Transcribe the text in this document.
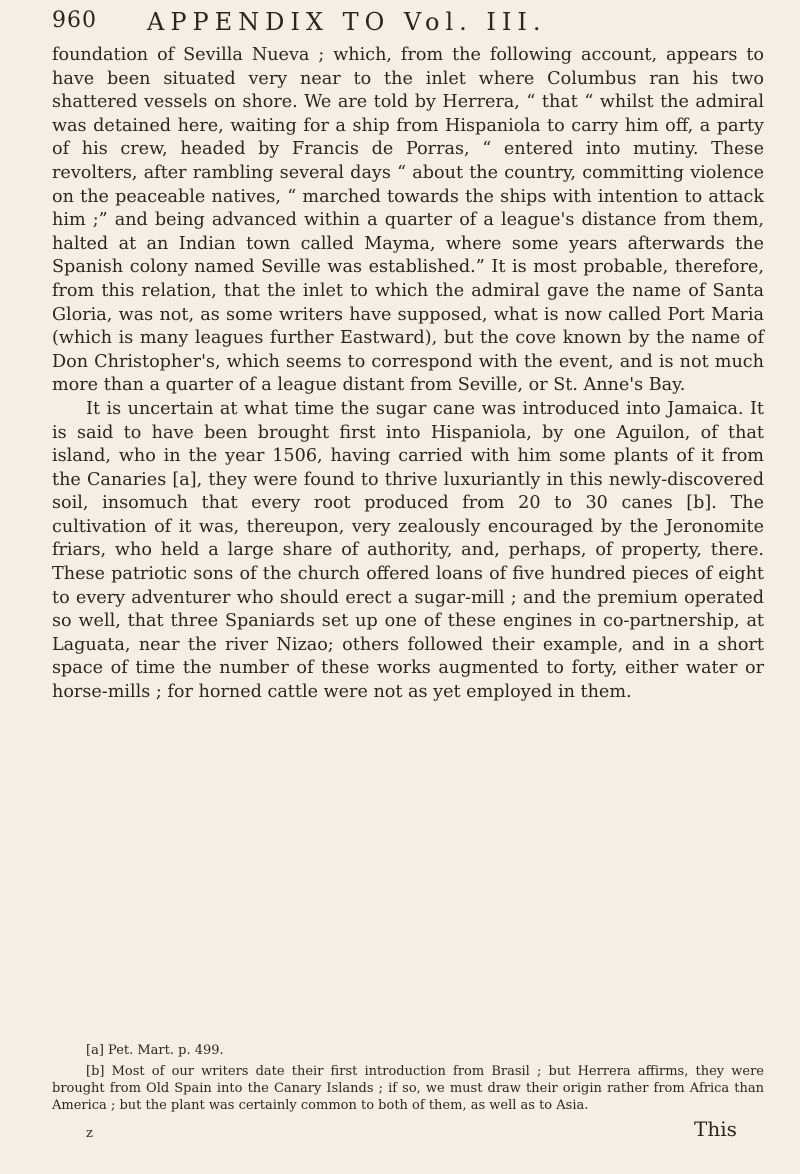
960 APPENDIX TO Vol. III.

foundation of Sevilla Nueva ; which, from the following account, appears to have been situated very near to the inlet where Columbus ran his two shattered vessels on shore. We are told by Herrera, “ that “ whilst the admiral was detained here, waiting for a ship from Hispaniola to carry him off, a party of his crew, headed by Francis de Porras, “ entered into mutiny. These revolters, after rambling several days “ about the country, committing violence on the peaceable natives, “ marched towards the ships with intention to attack him ;” and being advanced within a quarter of a league's distance from them, halted at an Indian town called Mayma, where some years afterwards the Spanish colony named Seville was established.” It is most probable, therefore, from this relation, that the inlet to which the admiral gave the name of Santa Gloria, was not, as some writers have supposed, what is now called Port Maria (which is many leagues further Eastward), but the cove known by the name of Don Christopher's, which seems to correspond with the event, and is not much more than a quarter of a league distant from Seville, or St. Anne's Bay.

It is uncertain at what time the sugar cane was introduced into Jamaica. It is said to have been brought first into Hispaniola, by one Aguilon, of that island, who in the year 1506, having carried with him some plants of it from the Canaries [a], they were found to thrive luxuriantly in this newly-discovered soil, insomuch that every root produced from 20 to 30 canes [b]. The cultivation of it was, thereupon, very zealously encouraged by the Jeronomite friars, who held a large share of authority, and, perhaps, of property, there. These patriotic sons of the church offered loans of five hundred pieces of eight to every adventurer who should erect a sugar-mill ; and the premium operated so well, that three Spaniards set up one of these engines in co-partnership, at Laguata, near the river Nizao; others followed their example, and in a short space of time the number of these works augmented to forty, either water or horse-mills ; for horned cattle were not as yet employed in them.

[a] Pet. Mart. p. 499.

[b] Most of our writers date their first introduction from Brasil ; but Herrera affirms, they were brought from Old Spain into the Canary Islands ; if so, we must draw their origin rather from Africa than America ; but the plant was certainly common to both of them, as well as to Asia.

z	This
